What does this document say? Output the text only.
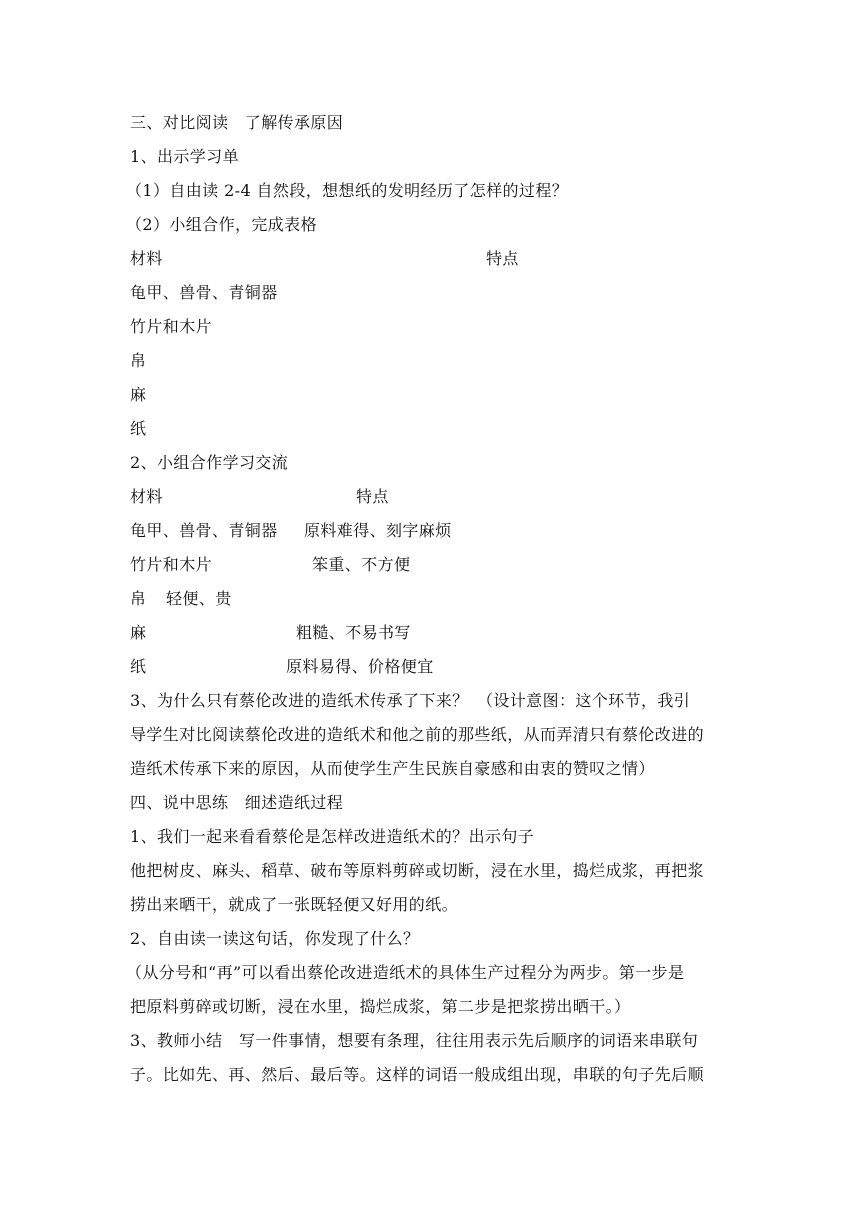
三、对比阅读　了解传承原因
1、出示学习单
（1）自由读 2-4 自然段，想想纸的发明经历了怎样的过程？
（2）小组合作，完成表格
材料	特点
龟甲、兽骨、青铜器
竹片和木片
帛
麻
纸
2、小组合作学习交流
材料	特点
龟甲、兽骨、青铜器 原料难得、刻字麻烦
竹片和木片	笨重、不方便
帛 轻便、贵
麻	粗糙、不易书写
纸	原料易得、价格便宜
3、为什么只有蔡伦改进的造纸术传承了下来？　（设计意图：这个环节，我引
导学生对比阅读蔡伦改进的造纸术和他之前的那些纸，从而弄清只有蔡伦改进的
造纸术传承下来的原因，从而使学生产生民族自豪感和由衷的赞叹之情）
四、说中思练　细述造纸过程
1、我们一起来看看蔡伦是怎样改进造纸术的？出示句子
他把树皮、麻头、稻草、破布等原料剪碎或切断，浸在水里，捣烂成浆，再把浆
捞出来晒干，就成了一张既轻便又好用的纸。
2、自由读一读这句话，你发现了什么？
（从分号和“再”可以看出蔡伦改进造纸术的具体生产过程分为两步。第一步是
把原料剪碎或切断，浸在水里，捣烂成浆，第二步是把浆捞出晒干。）
3、教师小结　写一件事情，想要有条理，往往用表示先后顺序的词语来串联句
子。比如先、再、然后、最后等。这样的词语一般成组出现，串联的句子先后顺
